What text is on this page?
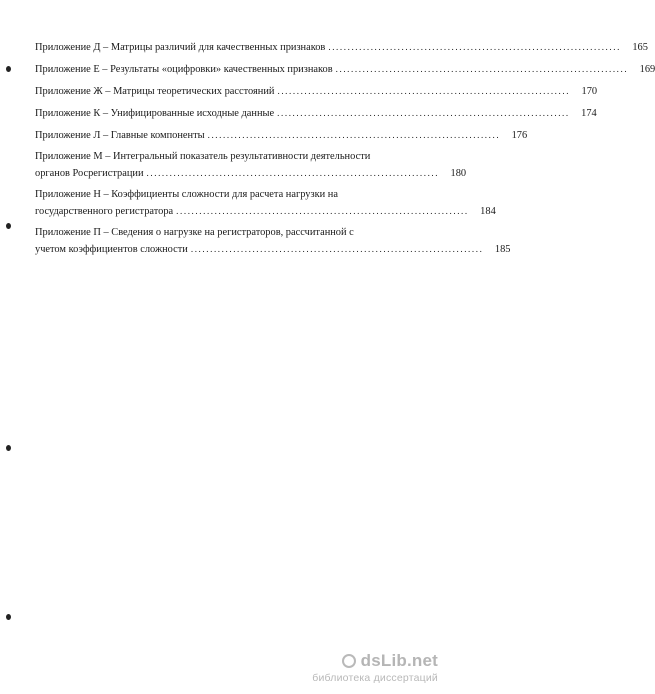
Приложение Д – Матрицы различий для качественных признаков ............................................................................	165
Приложение Е – Результаты «оцифровки» качественных признаков ............................................................................	169
Приложение Ж – Матрицы теоретических расстояний ............................................................................	170
Приложение К – Унифицированные исходные данные ............................................................................	174
Приложение Л – Главные компоненты ............................................................................	176
Приложение М – Интегральный показатель результативности деятельности
органов Росрегистрации ............................................................................	180
Приложение Н – Коэффициенты сложности для расчета нагрузки на
государственного регистратора ............................................................................	184
Приложение П – Сведения о нагрузке на регистраторов, рассчитанной с
учетом коэффициентов сложности ............................................................................	185
dsLib.net
библиотека диссертаций
